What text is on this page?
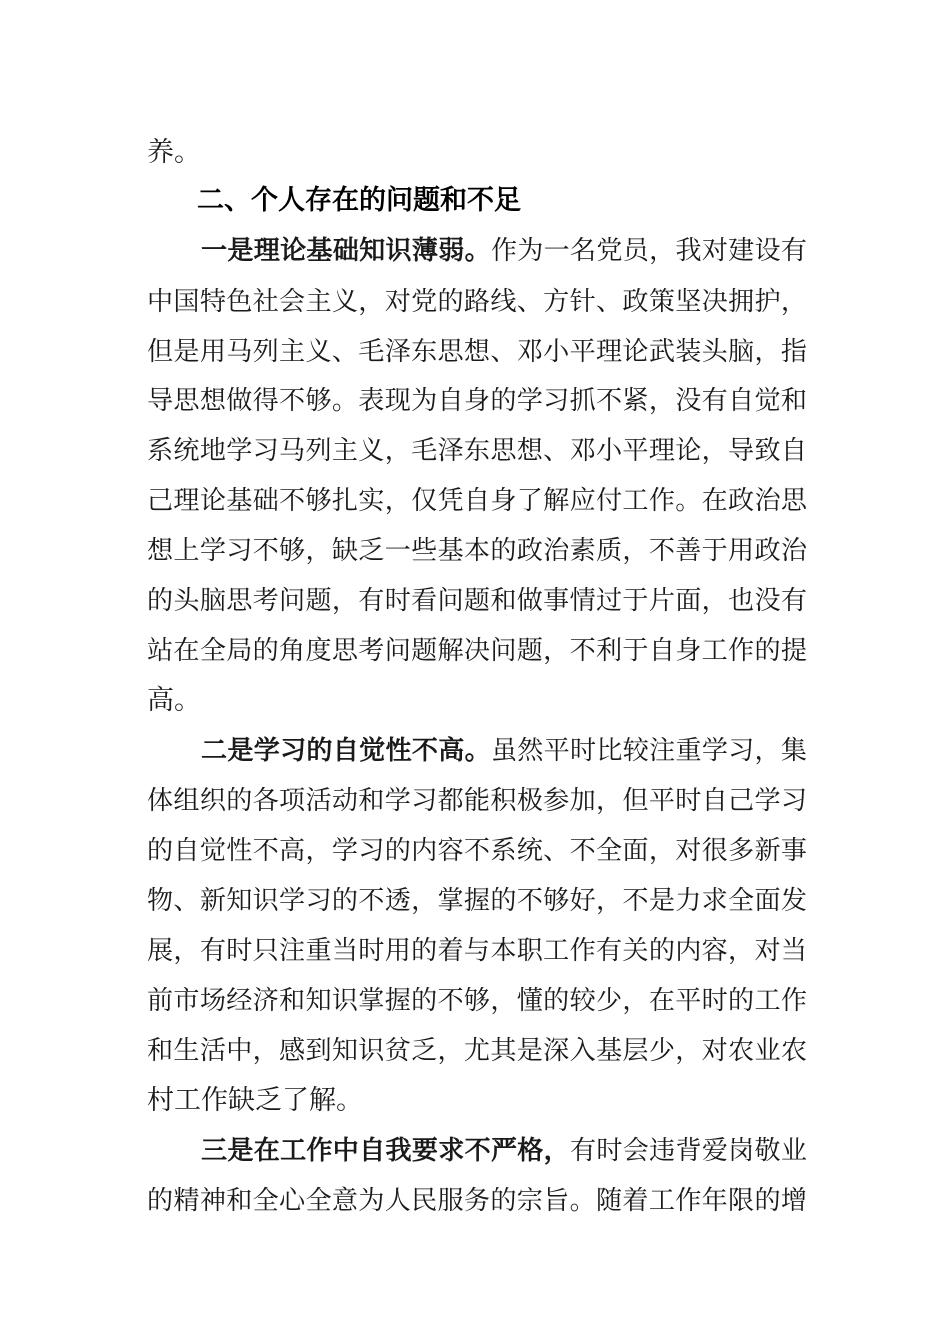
养。
二、个人存在的问题和不足
一是理论基础知识薄弱。作为一名党员，我对建设有
中国特色社会主义，对党的路线、方针、政策坚决拥护，
但是用马列主义、毛泽东思想、邓小平理论武装头脑，指
导思想做得不够。表现为自身的学习抓不紧，没有自觉和
系统地学习马列主义，毛泽东思想、邓小平理论，导致自
己理论基础不够扎实，仅凭自身了解应付工作。在政治思
想上学习不够，缺乏一些基本的政治素质，不善于用政治
的头脑思考问题，有时看问题和做事情过于片面，也没有
站在全局的角度思考问题解决问题，不利于自身工作的提
高。
二是学习的自觉性不高。虽然平时比较注重学习，集
体组织的各项活动和学习都能积极参加，但平时自己学习
的自觉性不高，学习的内容不系统、不全面，对很多新事
物、新知识学习的不透，掌握的不够好，不是力求全面发
展，有时只注重当时用的着与本职工作有关的内容，对当
前市场经济和知识掌握的不够，懂的较少，在平时的工作
和生活中，感到知识贫乏，尤其是深入基层少，对农业农
村工作缺乏了解。
三是在工作中自我要求不严格，有时会违背爱岗敬业
的精神和全心全意为人民服务的宗旨。随着工作年限的增
